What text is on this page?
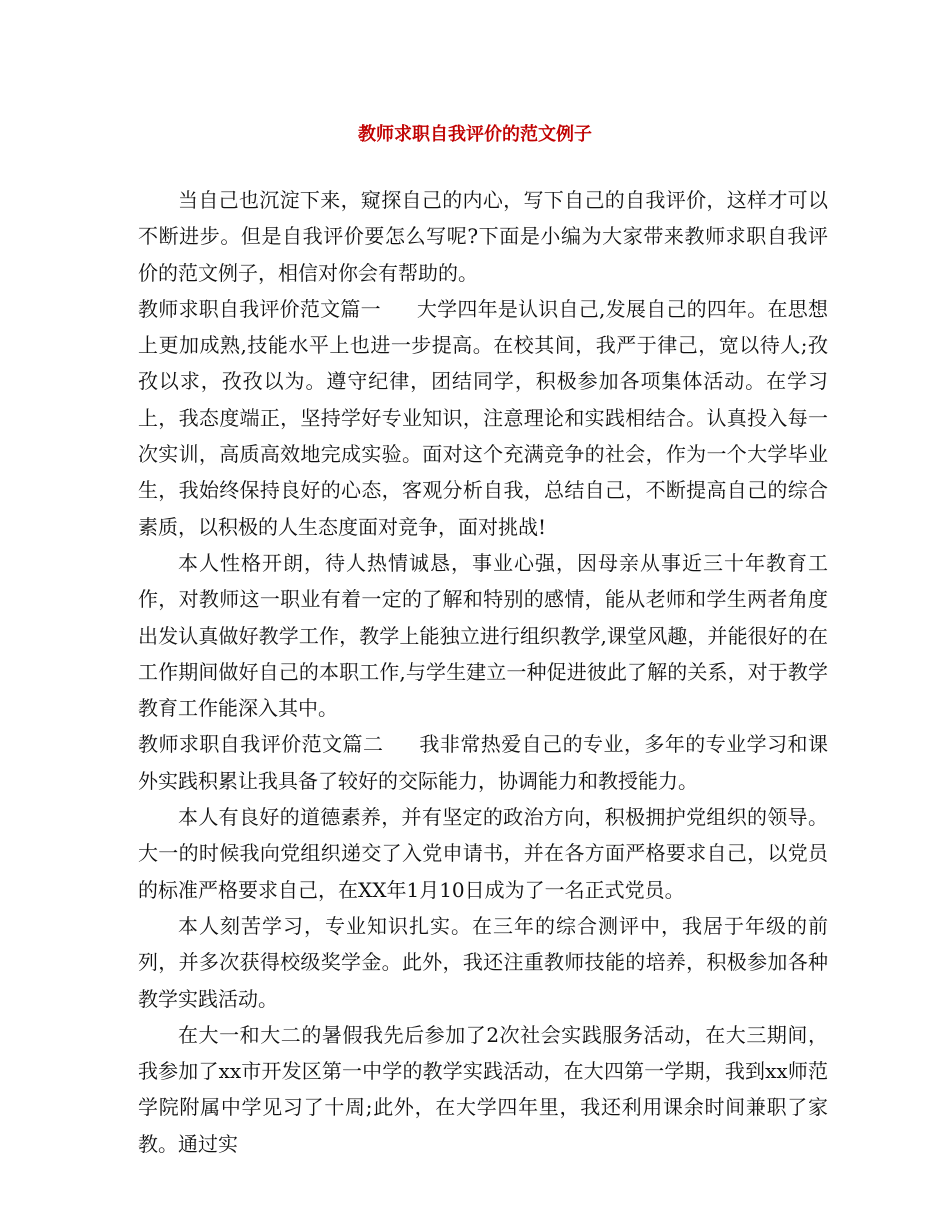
教师求职自我评价的范文例子

当自己也沉淀下来，窥探自己的内心，写下自己的自我评价，这样才可以不断进步。但是自我评价要怎么写呢?下面是小编为大家带来教师求职自我评价的范文例子，相信对你会有帮助的。

教师求职自我评价范文篇一 大学四年是认识自己,发展自己的四年。在思想上更加成熟,技能水平上也进一步提高。在校其间，我严于律己，宽以待人;孜孜以求，孜孜以为。遵守纪律，团结同学，积极参加各项集体活动。在学习上，我态度端正，坚持学好专业知识，注意理论和实践相结合。认真投入每一次实训，高质高效地完成实验。面对这个充满竞争的社会，作为一个大学毕业生，我始终保持良好的心态，客观分析自我，总结自己，不断提高自己的综合素质，以积极的人生态度面对竞争，面对挑战!

本人性格开朗，待人热情诚恳，事业心强，因母亲从事近三十年教育工作，对教师这一职业有着一定的了解和特别的感情，能从老师和学生两者角度出发认真做好教学工作，教学上能独立进行组织教学,课堂风趣，并能很好的在工作期间做好自己的本职工作,与学生建立一种促进彼此了解的关系，对于教学教育工作能深入其中。

教师求职自我评价范文篇二 我非常热爱自己的专业，多年的专业学习和课外实践积累让我具备了较好的交际能力，协调能力和教授能力。

本人有良好的道德素养，并有坚定的政治方向，积极拥护党组织的领导。大一的时候我向党组织递交了入党申请书，并在各方面严格要求自己，以党员的标准严格要求自己，在XX年1月10日成为了一名正式党员。

本人刻苦学习，专业知识扎实。在三年的综合测评中，我居于年级的前列，并多次获得校级奖学金。此外，我还注重教师技能的培养，积极参加各种教学实践活动。

在大一和大二的暑假我先后参加了2次社会实践服务活动，在大三期间，我参加了xx市开发区第一中学的教学实践活动，在大四第一学期，我到xx师范学院附属中学见习了十周;此外，在大学四年里，我还利用课余时间兼职了家教。通过实
